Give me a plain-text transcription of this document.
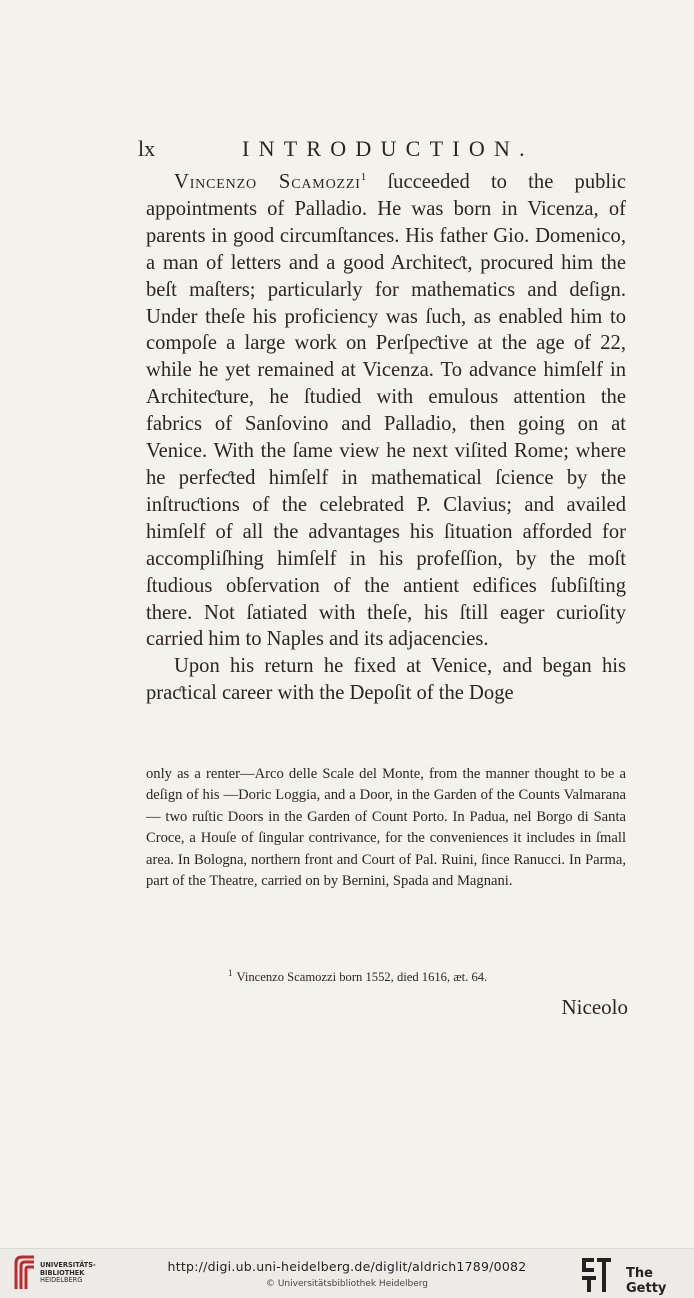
lx	INTRODUCTION.
Vincenzo Scamozzi$^1$ ſucceeded to the public appointments of Palladio. He was born in Vicenza, of parents in good circumſtances. His father Gio. Domenico, a man of letters and a good Architeƈt, procured him the beſt maſters; particularly for mathematics and deſign. Under theſe his proficiency was ſuch, as enabled him to compoſe a large work on Perſpeƈtive at the age of 22, while he yet remained at Vicenza. To advance himſelf in Architeƈture, he ſtudied with emulous attention the fabrics of Sanſovino and Palladio, then going on at Venice. With the ſame view he next viſited Rome; where he perfeƈted himſelf in mathematical ſcience by the inſtruƈtions of the celebrated P. Clavius; and availed himſelf of all the advantages his ſituation afforded for accompliſhing himſelf in his profeſſion, by the moſt ſtudious obſervation of the antient edifices ſubſiſting there. Not ſatiated with theſe, his ſtill eager curioſity carried him to Naples and its adjacencies.
Upon his return he fixed at Venice, and began his praƈtical career with the Depoſit of the Doge
only as a renter—Arco delle Scale del Monte, from the manner thought to be a deſign of his —Doric Loggia, and a Door, in the Garden of the Counts Valmarana — two ruſtic Doors in the Garden of Count Porto. In Padua, nel Borgo di Santa Croce, a Houſe of ſingular contrivance, for the conveniences it includes in ſmall area. In Bologna, northern front and Court of Pal. Ruini, ſince Ranucci. In Parma, part of the Theatre, carried on by Bernini, Spada and Magnani.
$^1$ Vincenzo Scamozzi born 1552, died 1616, æt. 64.
Niceolo
UNIVERSITÄTS-
BIBLIOTHEK
HEIDELBERG
http://digi.ub.uni-heidelberg.de/diglit/aldrich1789/0082
© Universitätsbibliothek Heidelberg
The Getty
